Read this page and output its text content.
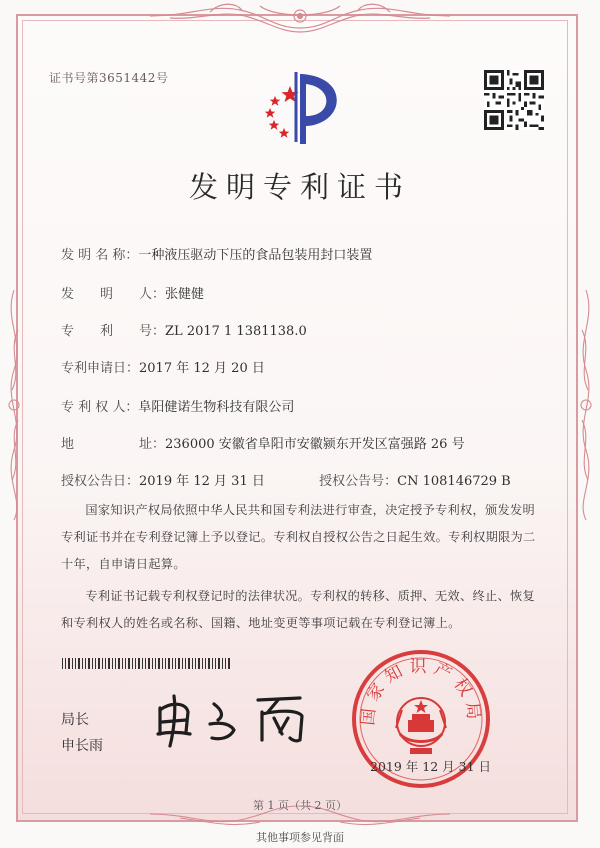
证书号第3651442号
发明专利证书
发 明 名 称：一种液压驱动下压的食品包装用封口装置
发　　明　　人：张健健
专　　利　　号：ZL 2017 1 1381138.0
专利申请日：2017 年 12 月 20 日
专 利 权 人：阜阳健诺生物科技有限公司
地　　　　　址：236000 安徽省阜阳市安徽颍东开发区富强路 26 号
授权公告日：2019 年 12 月 31 日	授权公告号：CN 108146729 B

国家知识产权局依照中华人民共和国专利法进行审查，决定授予专利权，颁发发明专利证书并在专利登记簿上予以登记。专利权自授权公告之日起生效。专利权期限为二十年，自申请日起算。

专利证书记载专利权登记时的法律状况。专利权的转移、质押、无效、终止、恢复和专利权人的姓名或名称、国籍、地址变更等事项记载在专利登记簿上。

局长
申长雨
国家知识产权局
2019 年 12 月 31 日
第 1 页（共 2 页）
其他事项参见背面
